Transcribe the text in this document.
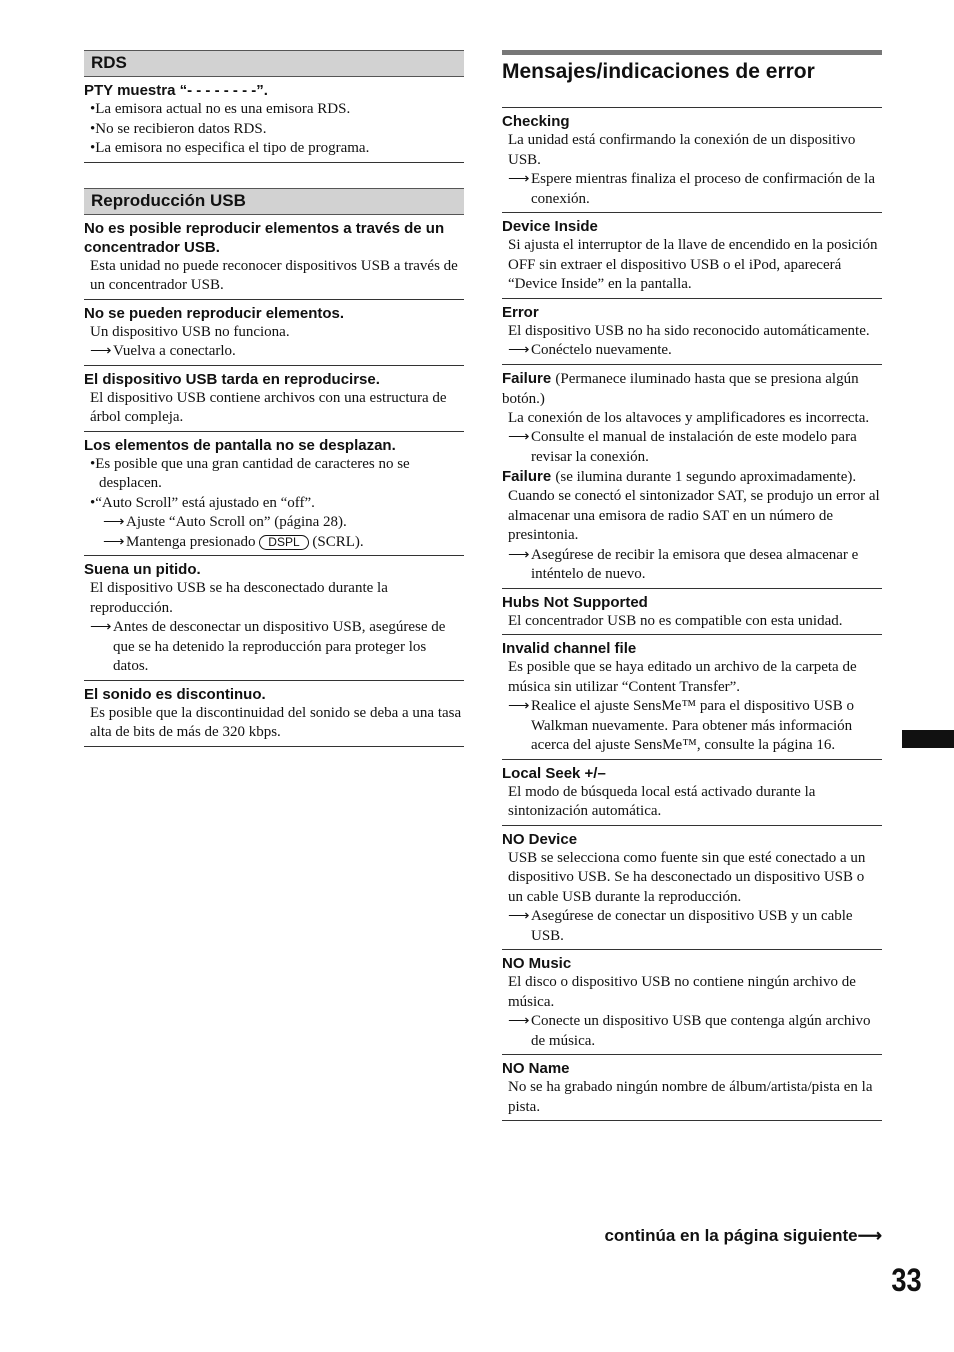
RDS
PTY muestra “- - - - - - - -”.
•La emisora actual no es una emisora RDS.
•No se recibieron datos RDS.
•La emisora no especifica el tipo de programa.
Reproducción USB
No es posible reproducir elementos a través de un concentrador USB.
Esta unidad no puede reconocer dispositivos USB a través de un concentrador USB.
No se pueden reproducir elementos.
Un dispositivo USB no funciona.
⟶Vuelva a conectarlo.
El dispositivo USB tarda en reproducirse.
El dispositivo USB contiene archivos con una estructura de árbol compleja.
Los elementos de pantalla no se desplazan.
•Es posible que una gran cantidad de caracteres no se desplacen.
•“Auto Scroll” está ajustado en “off”.
⟶Ajuste “Auto Scroll on” (página 28).
⟶Mantenga presionado DSPL (SCRL).
Suena un pitido.
El dispositivo USB se ha desconectado durante la reproducción.
⟶Antes de desconectar un dispositivo USB, asegúrese de que se ha detenido la reproducción para proteger los datos.
El sonido es discontinuo.
Es posible que la discontinuidad del sonido se deba a una tasa alta de bits de más de 320 kbps.
Mensajes/indicaciones de error
Checking
La unidad está confirmando la conexión de un dispositivo USB.
⟶Espere mientras finaliza el proceso de confirmación de la conexión.
Device Inside
Si ajusta el interruptor de la llave de encendido en la posición OFF sin extraer el dispositivo USB o el iPod, aparecerá “Device Inside” en la pantalla.
Error
El dispositivo USB no ha sido reconocido automáticamente.
⟶Conéctelo nuevamente.
Failure (Permanece iluminado hasta que se presiona algún botón.)
La conexión de los altavoces y amplificadores es incorrecta.
⟶Consulte el manual de instalación de este modelo para revisar la conexión.
Failure (se ilumina durante 1 segundo aproximadamente).
Cuando se conectó el sintonizador SAT, se produjo un error al almacenar una emisora de radio SAT en un número de presintonia.
⟶Asegúrese de recibir la emisora que desea almacenar e inténtelo de nuevo.
Hubs Not Supported
El concentrador USB no es compatible con esta unidad.
Invalid channel file
Es posible que se haya editado un archivo de la carpeta de música sin utilizar “Content Transfer”.
⟶Realice el ajuste SensMe™ para el dispositivo USB o Walkman nuevamente. Para obtener más información acerca del ajuste SensMe™, consulte la página 16.
Local Seek +/–
El modo de búsqueda local está activado durante la sintonización automática.
NO Device
USB se selecciona como fuente sin que esté conectado a un dispositivo USB. Se ha desconectado un dispositivo USB o un cable USB durante la reproducción.
⟶Asegúrese de conectar un dispositivo USB y un cable USB.
NO Music
El disco o dispositivo USB no contiene ningún archivo de música.
⟶Conecte un dispositivo USB que contenga algún archivo de música.
NO Name
No se ha grabado ningún nombre de álbum/artista/pista en la pista.
continúa en la página siguiente⟶
33
